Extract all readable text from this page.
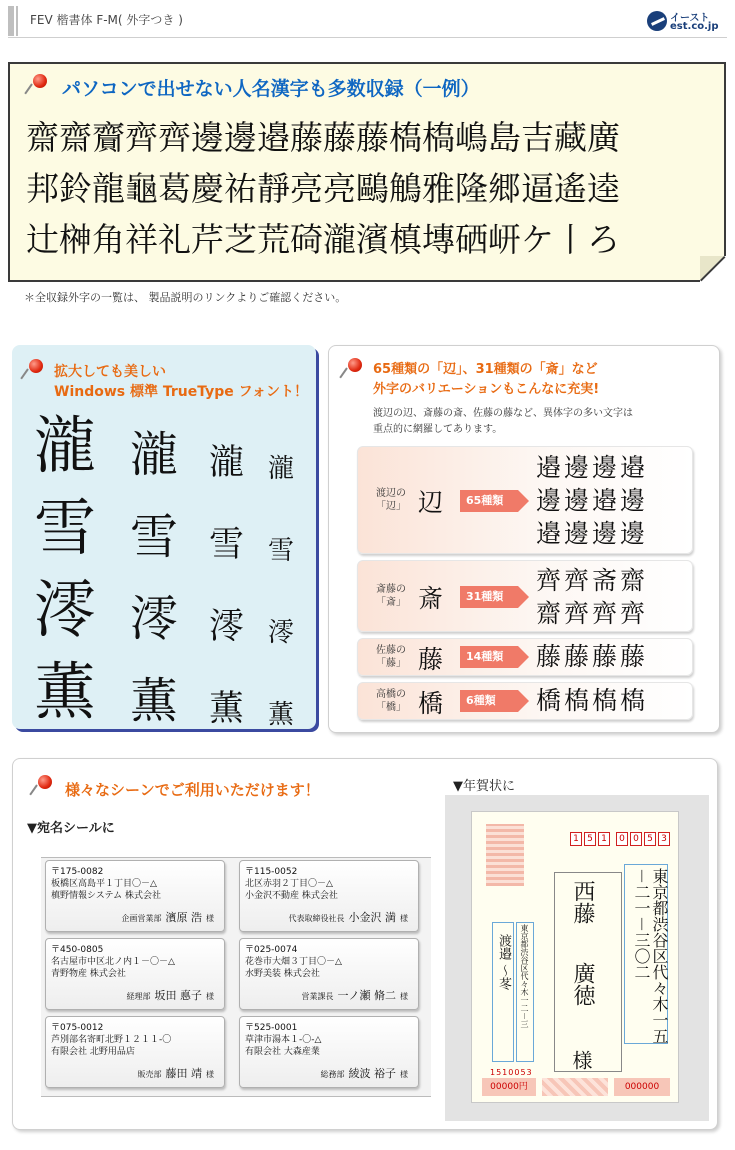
FEV 楷書体 F-M( 外字つき )	イースト
est.co.jp
パソコンで出せない人名漢字も多数収録（一例）
齋齋齎齊齊邊邊邉藤藤藤槗槗嶋島吉藏廣
邦鈴龍龜葛慶祐靜亮亮鷗鵤雅隆郷逼遙逵
辻榊角祥礼芹芝荒碕瀧濱槙塼硒岍ケ丨ろ
＊全収録外字の一覧は、 製品説明のリンクよりご確認ください。
拡大しても美しい
Windows 標準 TrueType フォント！
瀧 瀧 瀧 瀧
雪 雪 雪 雪
澪 澪 澪 澪
薫 薫 薫 薫
65種類の「辺」、31種類の「斎」など
外字のバリエーションもこんなに充実!
渡辺の辺、斎藤の斎、佐藤の藤など、異体字の多い文字は
重点的に網羅してあります。
渡辺の
「辺」 辺	65種類
邉邊邊邉
邊邊邉邊
邉邊邊邊
斎藤の
「斎」 斎	31種類
齊齊斋齋
齋齊齊齊
佐藤の
「藤」 藤	14種類	藤藤藤藤
高橋の
「橋」 橋	6種類	橋槗槗槗
様々なシーンでご利用いただけます！
▼宛名シールに
〒175-0082
板橋区高島平１丁目〇－△
槙野情報システム 株式会社
企画営業部 濱原 浩 様
〒115-0052
北区赤羽２丁目〇－△
小金沢不動産 株式会社
代表取締役社長 小金沢 満 様
〒450-0805
名古屋市中区北ノ内１－〇－△
青野物産 株式会社
経理部 坂田 悳子 様
〒025-0074
花巻市大畑３丁目〇－△
水野美装 株式会社
営業課長 一ノ瀬 脩二 様
〒075-0012
芦別部名寄町北野１２１１-〇
有限会社 北野用品店
販売部 藤田 靖 様
〒525-0001
草津市湯本１-〇-△
有限会社 大森産業
総務部 綾波 裕子 様
▼年賀状に
1 5 1	0 0 5 3
東京都渋谷区代々木一五－二一－三〇二
西藤
廣徳
様
東京都渋谷区代々木一二－三
渡邉 〜苳
1510053
00000円	000000
